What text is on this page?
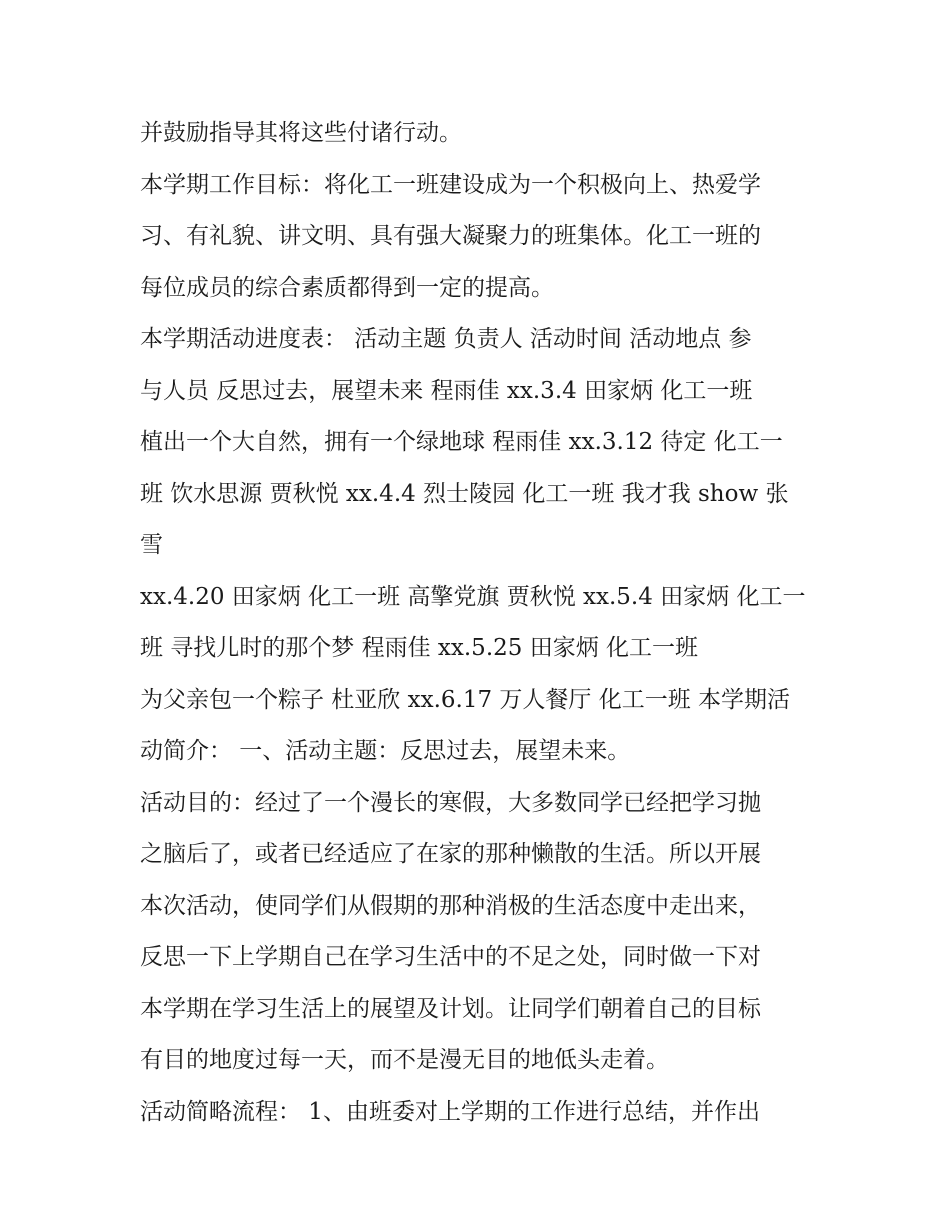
并鼓励指导其将这些付诸行动。
本学期工作目标：将化工一班建设成为一个积极向上、热爱学
习、有礼貌、讲文明、具有强大凝聚力的班集体。化工一班的
每位成员的综合素质都得到一定的提高。
本学期活动进度表： 活动主题 负责人 活动时间 活动地点 参
与人员 反思过去，展望未来 程雨佳 xx.3.4 田家炳 化工一班
植出一个大自然，拥有一个绿地球 程雨佳 xx.3.12 待定 化工一
班 饮水思源 贾秋悦 xx.4.4 烈士陵园 化工一班 我才我 show 张
雪
xx.4.20 田家炳 化工一班 高擎党旗 贾秋悦 xx.5.4 田家炳 化工一
班 寻找儿时的那个梦 程雨佳 xx.5.25 田家炳 化工一班
为父亲包一个粽子 杜亚欣 xx.6.17 万人餐厅 化工一班 本学期活
动简介： 一、活动主题：反思过去，展望未来。
活动目的：经过了一个漫长的寒假，大多数同学已经把学习抛
之脑后了，或者已经适应了在家的那种懒散的生活。所以开展
本次活动，使同学们从假期的那种消极的生活态度中走出来，
反思一下上学期自己在学习生活中的不足之处，同时做一下对
本学期在学习生活上的展望及计划。让同学们朝着自己的目标
有目的地度过每一天，而不是漫无目的地低头走着。
活动简略流程： 1、由班委对上学期的工作进行总结，并作出
